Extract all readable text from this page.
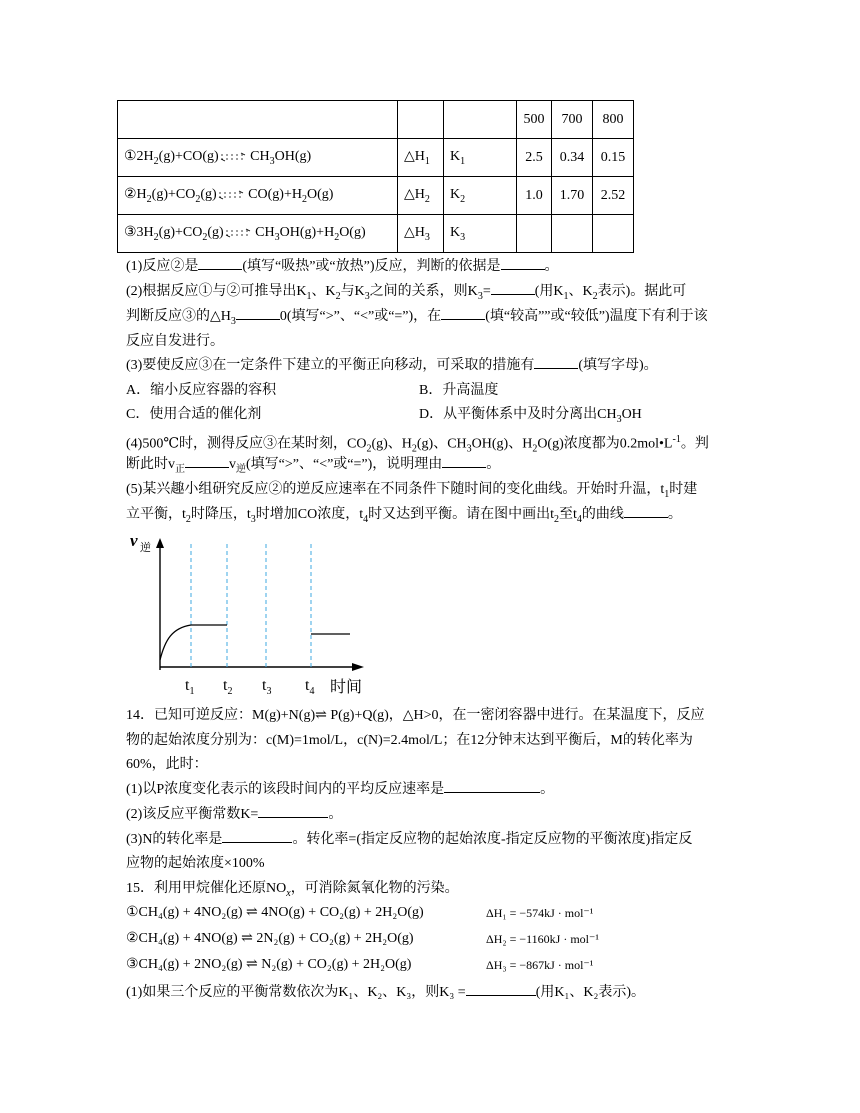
			500	700	800
$①2H_2(g)+CO(g)\rightleftharpoons$ $CH_3OH(g)$	$\triangle H_1$	$K_1$	2.5	0.34	0.15
$②H_2(g)+CO_2(g)\rightleftharpoons$ $CO(g)+H_2O(g)$	$\triangle H_2$	$K_2$	1.0	1.70	2.52
$③3H_2(g)+CO_2(g)\rightleftharpoons$ $CH_3OH(g)+H_2O(g)$	$\triangle H_3$	$K_3$			
(1)反应②是	(填写“吸热”或“放热”)反应，判断的依据是	。
(2)根据反应①与②可推导出$K_1$、$K_2$与$K_3$之间的关系，则$K_3=$	(用$K_1$、$K_2$表示)。据此可
判断反应③的$\triangle H_3$	0(填写“>”、“<”或“=”)，在	(填“较高””或“较低”)温度下有利于该
反应自发进行。
(3)要使反应③在一定条件下建立的平衡正向移动，可采取的措施有	(填写字母)。
A．缩小反应容器的容积	B．升高温度
C．使用合适的催化剂	D．从平衡体系中及时分离出$CH_3OH$
(4)500℃时，测得反应③在某时刻，$CO_2(g)$、$H_2(g)$、$CH_3OH(g)$、$H_2O(g)$浓度都为$0.2mol•L^{-1}$。判
断此时$v_正$	$v_逆$(填写“>”、“<”或“=”)，说明理由	。
(5)某兴趣小组研究反应②的逆反应速率在不同条件下随时间的变化曲线。开始时升温，$t_1$时建
立平衡，$t_2$时降压，$t_3$时增加CO浓度，$t_4$时又达到平衡。请在图中画出$t_2$至$t_4$的曲线	。
v 逆
$t_1$ $t_2$ $t_3$ $t_4$ 时间
14．已知可逆反应：M(g)+N(g)⇌ P(g)+Q(g)，△H>0，在一密闭容器中进行。在某温度下，反应
物的起始浓度分别为：c(M)=1mol/L，c(N)=2.4mol/L；在12分钟末达到平衡后，M的转化率为
60%，此时：
(1)以P浓度变化表示的该段时间内的平均反应速率是	。
(2)该反应平衡常数K=	。
(3)N的转化率是	。转化率=(指定反应物的起始浓度-指定反应物的平衡浓度)指定反
应物的起始浓度×100%
15．利用甲烷催化还原$NO_x$，可消除氮氧化物的污染。
①CH₄(g) + 4NO₂(g) ⇌ 4NO(g) + CO₂(g) + 2H₂O(g)	ΔH₁ = −574kJ · mol⁻¹
②CH₄(g) + 4NO(g) ⇌ 2N₂(g) + CO₂(g) + 2H₂O(g)	ΔH₂ = −1160kJ · mol⁻¹
③CH₄(g) + 2NO₂(g) ⇌ N₂(g) + CO₂(g) + 2H₂O(g)	ΔH₃ = −867kJ · mol⁻¹
(1)如果三个反应的平衡常数依次为K₁、K₂、K₃，则K₃ =	(用K₁、K₂表示)。
